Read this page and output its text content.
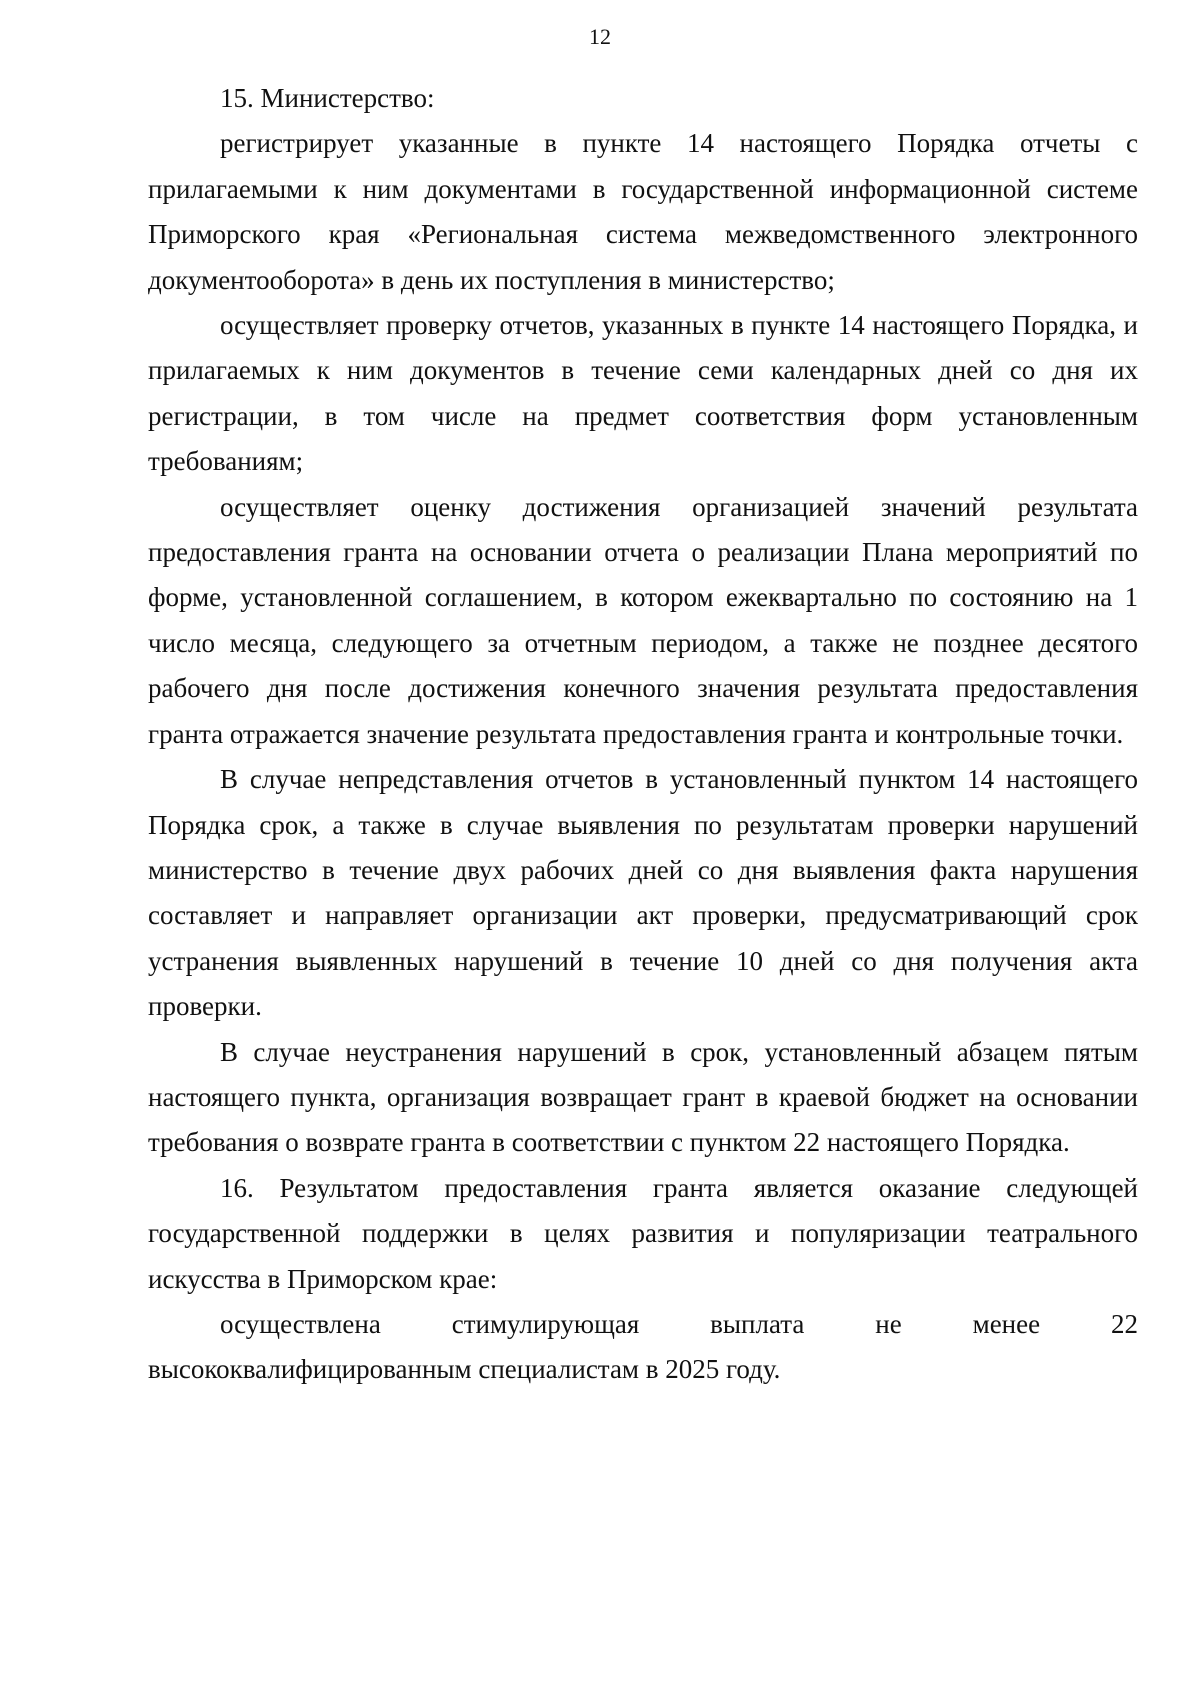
12

15. Министерство:

регистрирует указанные в пункте 14 настоящего Порядка отчеты с прилагаемыми к ним документами в государственной информационной системе Приморского края «Региональная система межведомственного электронного документооборота» в день их поступления в министерство;

осуществляет проверку отчетов, указанных в пункте 14 настоящего Порядка, и прилагаемых к ним документов в течение семи календарных дней со дня их регистрации, в том числе на предмет соответствия форм установленным требованиям;

осуществляет оценку достижения организацией значений результата предоставления гранта на основании отчета о реализации Плана мероприятий по форме, установленной соглашением, в котором ежеквартально по состоянию на 1 число месяца, следующего за отчетным периодом, а также не позднее десятого рабочего дня после достижения конечного значения результата предоставления гранта отражается значение результата предоставления гранта и контрольные точки.

В случае непредставления отчетов в установленный пунктом 14 настоящего Порядка срок, а также в случае выявления по результатам проверки нарушений министерство в течение двух рабочих дней со дня выявления факта нарушения составляет и направляет организации акт проверки, предусматривающий срок устранения выявленных нарушений в течение 10 дней со дня получения акта проверки.

В случае неустранения нарушений в срок, установленный абзацем пятым настоящего пункта, организация возвращает грант в краевой бюджет на основании требования о возврате гранта в соответствии с пунктом 22 настоящего Порядка.

16. Результатом предоставления гранта является оказание следующей государственной поддержки в целях развития и популяризации театрального искусства в Приморском крае:

осуществлена стимулирующая выплата не менее 22 высококвалифицированным специалистам в 2025 году.
